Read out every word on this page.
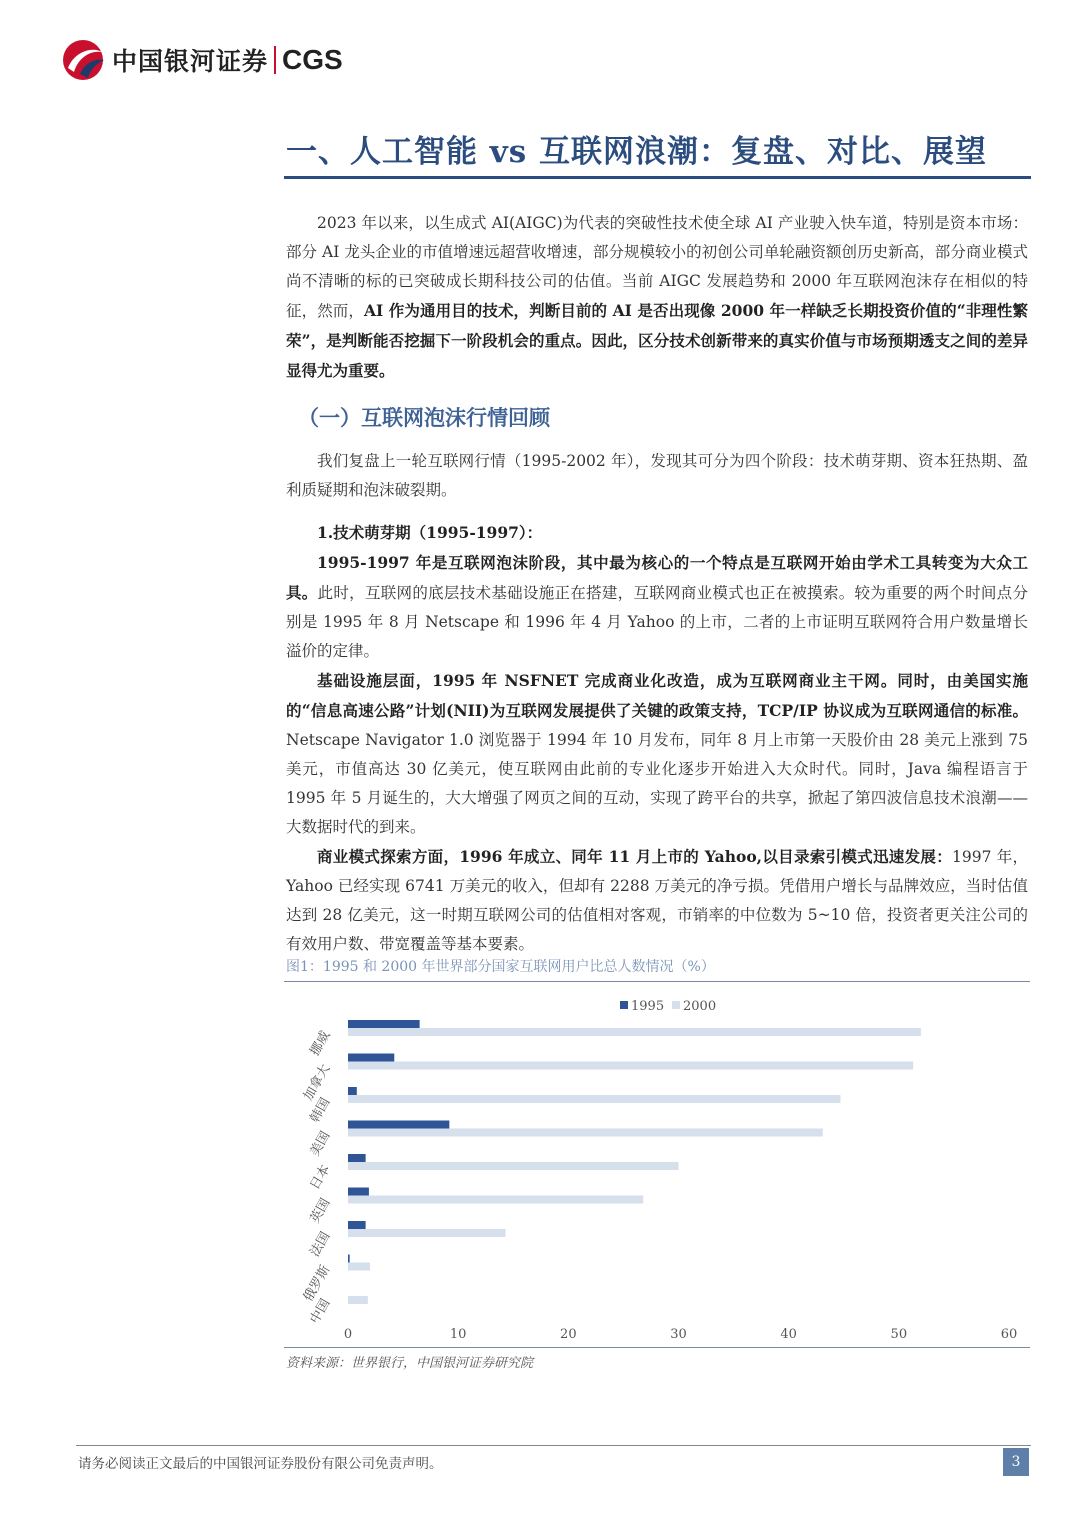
中国银河证券 CGS
一、人工智能 vs 互联网浪潮：复盘、对比、展望
2023 年以来，以生成式 AI(AIGC)为代表的突破性技术使全球 AI 产业驶入快车道，特别是资本市场：部分 AI 龙头企业的市值增速远超营收增速，部分规模较小的初创公司单轮融资额创历史新高，部分商业模式尚不清晰的标的已突破成长期科技公司的估值。当前 AIGC 发展趋势和 2000 年互联网泡沫存在相似的特征，然而，AI 作为通用目的技术，判断目前的 AI 是否出现像 2000 年一样缺乏长期投资价值的“非理性繁荣”，是判断能否挖掘下一阶段机会的重点。因此，区分技术创新带来的真实价值与市场预期透支之间的差异显得尤为重要。
（一）互联网泡沫行情回顾
我们复盘上一轮互联网行情（1995-2002 年），发现其可分为四个阶段：技术萌芽期、资本狂热期、盈利质疑期和泡沫破裂期。
1.技术萌芽期（1995-1997）：
1995-1997 年是互联网泡沫阶段，其中最为核心的一个特点是互联网开始由学术工具转变为大众工具。此时，互联网的底层技术基础设施正在搭建，互联网商业模式也正在被摸索。较为重要的两个时间点分别是 1995 年 8 月 Netscape 和 1996 年 4 月 Yahoo 的上市，二者的上市证明互联网符合用户数量增长溢价的定律。
基础设施层面，1995 年 NSFNET 完成商业化改造，成为互联网商业主干网。同时，由美国实施的“信息高速公路”计划(NII)为互联网发展提供了关键的政策支持，TCP/IP 协议成为互联网通信的标准。Netscape Navigator 1.0 浏览器于 1994 年 10 月发布，同年 8 月上市第一天股价由 28 美元上涨到 75 美元，市值高达 30 亿美元，使互联网由此前的专业化逐步开始进入大众时代。同时，Java 编程语言于 1995 年 5 月诞生的，大大增强了网页之间的互动，实现了跨平台的共享，掀起了第四波信息技术浪潮——大数据时代的到来。
商业模式探索方面，1996 年成立、同年 11 月上市的 Yahoo,以目录索引模式迅速发展：1997 年，Yahoo 已经实现 6741 万美元的收入，但却有 2288 万美元的净亏损。凭借用户增长与品牌效应，当时估值达到 28 亿美元，这一时期互联网公司的估值相对客观，市销率的中位数为 5~10 倍，投资者更关注公司的有效用户数、带宽覆盖等基本要素。
图1：1995 和 2000 年世界部分国家互联网用户比总人数情况（%）
1995 2000
挪威
加拿大
韩国
美国
日本
英国
法国
俄罗斯
中国
0	10	20	30	40	50	60
资料来源：世界银行，中国银河证券研究院
请务必阅读正文最后的中国银河证券股份有限公司免责声明。	3
